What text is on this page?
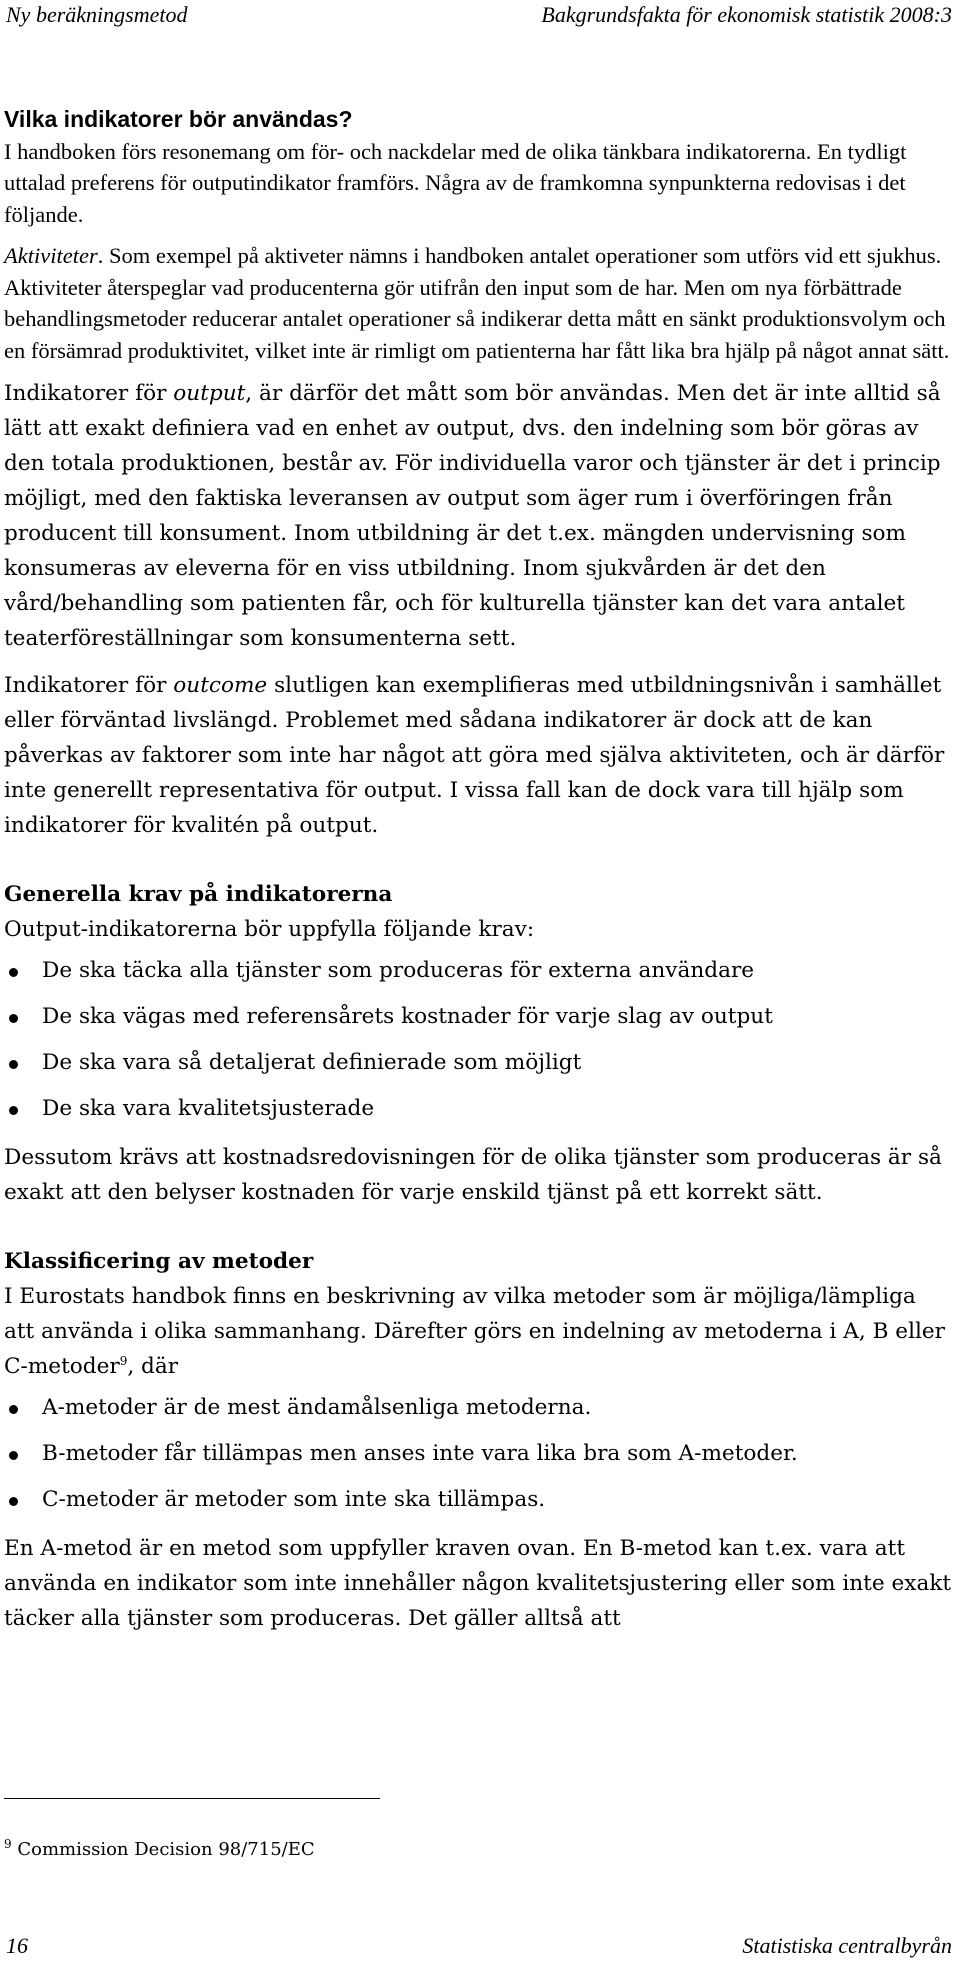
Ny beräkningsmetod	Bakgrundsfakta för ekonomisk statistik 2008:3
Vilka indikatorer bör användas?

I handboken förs resonemang om för- och nackdelar med de olika tänkbara indikatorerna. En tydligt uttalad preferens för outputindikator framförs. Några av de framkomna synpunkterna redovisas i det följande.

Aktiviteter. Som exempel på aktiveter nämns i handboken antalet operationer som utförs vid ett sjukhus. Aktiviteter återspeglar vad producenterna gör utifrån den input som de har. Men om nya förbättrade behandlingsmetoder reducerar antalet operationer så indikerar detta mått en sänkt produktionsvolym och en försämrad produktivitet, vilket inte är rimligt om patienterna har fått lika bra hjälp på något annat sätt.

Indikatorer för output, är därför det mått som bör användas. Men det är inte alltid så lätt att exakt definiera vad en enhet av output, dvs. den indelning som bör göras av den totala produktionen, består av. För individuella varor och tjänster är det i princip möjligt, med den faktiska leveransen av output som äger rum i överföringen från producent till konsument. Inom utbildning är det t.ex. mängden undervisning som konsumeras av eleverna för en viss utbildning. Inom sjukvården är det den vård/behandling som patienten får, och för kulturella tjänster kan det vara antalet teaterföreställningar som konsumenterna sett.

Indikatorer för outcome slutligen kan exemplifieras med utbildningsnivån i samhället eller förväntad livslängd. Problemet med sådana indikatorer är dock att de kan påverkas av faktorer som inte har något att göra med själva aktiviteten, och är därför inte generellt representativa för output. I vissa fall kan de dock vara till hjälp som indikatorer för kvalitén på output.

Generella krav på indikatorerna

Output-indikatorerna bör uppfylla följande krav:

De ska täcka alla tjänster som produceras för externa användare
De ska vägas med referensårets kostnader för varje slag av output
De ska vara så detaljerat definierade som möjligt
De ska vara kvalitetsjusterade

Dessutom krävs att kostnadsredovisningen för de olika tjänster som produceras är så exakt att den belyser kostnaden för varje enskild tjänst på ett korrekt sätt.

Klassificering av metoder

I Eurostats handbok finns en beskrivning av vilka metoder som är möjliga/lämpliga att använda i olika sammanhang. Därefter görs en indelning av metoderna i A, B eller C-metoder$^9$, där

A-metoder är de mest ändamålsenliga metoderna.
B-metoder får tillämpas men anses inte vara lika bra som A-metoder.
C-metoder är metoder som inte ska tillämpas.

En A-metod är en metod som uppfyller kraven ovan. En B-metod kan t.ex. vara att använda en indikator som inte innehåller någon kvalitetsjustering eller som inte exakt täcker alla tjänster som produceras. Det gäller alltså att

$^9$ Commission Decision 98/715/EC
16	Statistiska centralbyrån
